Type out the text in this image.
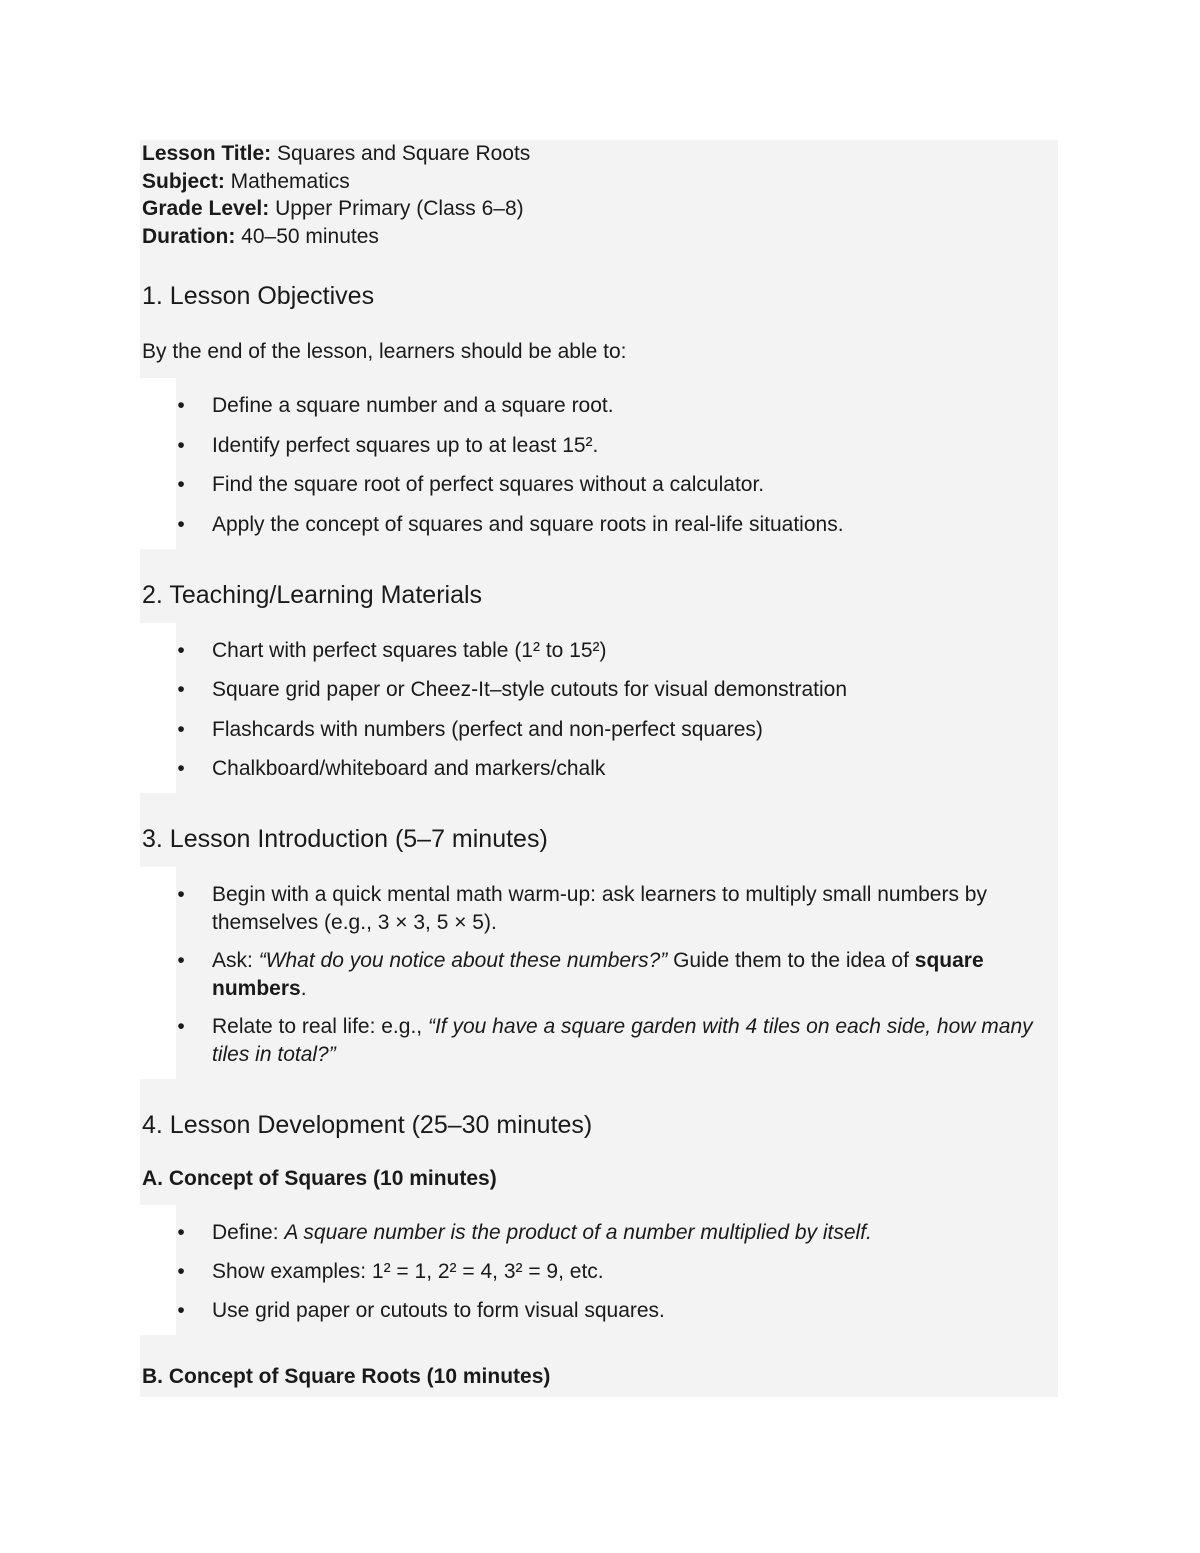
Lesson Title: Squares and Square Roots
Subject: Mathematics
Grade Level: Upper Primary (Class 6–8)
Duration: 40–50 minutes
1. Lesson Objectives

By the end of the lesson, learners should be able to:

• Define a square number and a square root.
• Identify perfect squares up to at least 15².
• Find the square root of perfect squares without a calculator.
• Apply the concept of squares and square roots in real-life situations.
2. Teaching/Learning Materials
• Chart with perfect squares table (1² to 15²)
• Square grid paper or Cheez-It–style cutouts for visual demonstration
• Flashcards with numbers (perfect and non-perfect squares)
• Chalkboard/whiteboard and markers/chalk
3. Lesson Introduction (5–7 minutes)
• Begin with a quick mental math warm-up: ask learners to multiply small numbers by themselves (e.g., 3 × 3, 5 × 5).
• Ask: “What do you notice about these numbers?” Guide them to the idea of square numbers.
• Relate to real life: e.g., “If you have a square garden with 4 tiles on each side, how many tiles in total?”
4. Lesson Development (25–30 minutes)
A. Concept of Squares (10 minutes)
• Define: A square number is the product of a number multiplied by itself.
• Show examples: 1² = 1, 2² = 4, 3² = 9, etc.
• Use grid paper or cutouts to form visual squares.
B. Concept of Square Roots (10 minutes)
